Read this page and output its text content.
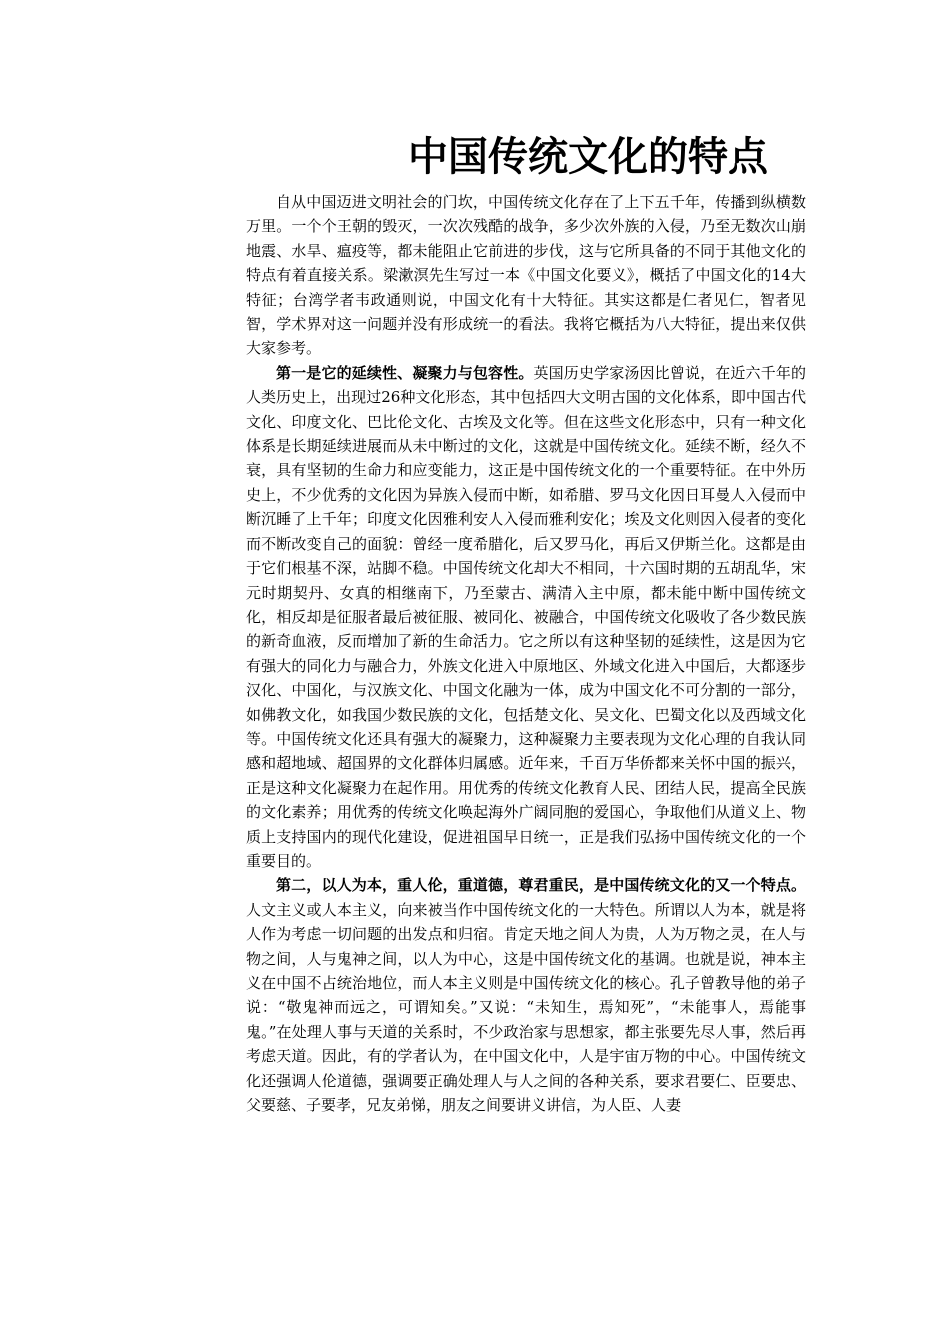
中国传统文化的特点

自从中国迈进文明社会的门坎，中国传统文化存在了上下五千年，传播到纵横数万里。一个个王朝的毁灭，一次次残酷的战争，多少次外族的入侵，乃至无数次山崩地震、水旱、瘟疫等，都未能阻止它前进的步伐，这与它所具备的不同于其他文化的特点有着直接关系。梁漱溟先生写过一本《中国文化要义》，概括了中国文化的14大特征；台湾学者韦政通则说，中国文化有十大特征。其实这都是仁者见仁，智者见智，学术界对这一问题并没有形成统一的看法。我将它概括为八大特征，提出来仅供大家参考。

第一是它的延续性、凝聚力与包容性。英国历史学家汤因比曾说，在近六千年的人类历史上，出现过26种文化形态，其中包括四大文明古国的文化体系，即中国古代文化、印度文化、巴比伦文化、古埃及文化等。但在这些文化形态中，只有一种文化体系是长期延续进展而从未中断过的文化，这就是中国传统文化。延续不断，经久不衰，具有坚韧的生命力和应变能力，这正是中国传统文化的一个重要特征。在中外历史上，不少优秀的文化因为异族入侵而中断，如希腊、罗马文化因日耳曼人入侵而中断沉睡了上千年；印度文化因雅利安人入侵而雅利安化；埃及文化则因入侵者的变化而不断改变自己的面貌：曾经一度希腊化，后又罗马化，再后又伊斯兰化。这都是由于它们根基不深，站脚不稳。中国传统文化却大不相同，十六国时期的五胡乱华，宋元时期契丹、女真的相继南下，乃至蒙古、满清入主中原，都未能中断中国传统文化，相反却是征服者最后被征服、被同化、被融合，中国传统文化吸收了各少数民族的新奇血液，反而增加了新的生命活力。它之所以有这种坚韧的延续性，这是因为它有强大的同化力与融合力，外族文化进入中原地区、外域文化进入中国后，大都逐步汉化、中国化，与汉族文化、中国文化融为一体，成为中国文化不可分割的一部分，如佛教文化，如我国少数民族的文化，包括楚文化、吴文化、巴蜀文化以及西域文化等。中国传统文化还具有强大的凝聚力，这种凝聚力主要表现为文化心理的自我认同感和超地域、超国界的文化群体归属感。近年来，千百万华侨都来关怀中国的振兴，正是这种文化凝聚力在起作用。用优秀的传统文化教育人民、团结人民，提高全民族的文化素养；用优秀的传统文化唤起海外广阔同胞的爱国心，争取他们从道义上、物质上支持国内的现代化建设，促进祖国早日统一，正是我们弘扬中国传统文化的一个重要目的。

第二，以人为本，重人伦，重道德，尊君重民，是中国传统文化的又一个特点。人文主义或人本主义，向来被当作中国传统文化的一大特色。所谓以人为本，就是将人作为考虑一切问题的出发点和归宿。肯定天地之间人为贵，人为万物之灵，在人与物之间，人与鬼神之间，以人为中心，这是中国传统文化的基调。也就是说，神本主义在中国不占统治地位，而人本主义则是中国传统文化的核心。孔子曾教导他的弟子说：“敬鬼神而远之，可谓知矣。”又说：“未知生，焉知死”，“未能事人，焉能事鬼。”在处理人事与天道的关系时，不少政治家与思想家，都主张要先尽人事，然后再考虑天道。因此，有的学者认为，在中国文化中，人是宇宙万物的中心。中国传统文化还强调人伦道德，强调要正确处理人与人之间的各种关系，要求君要仁、臣要忠、父要慈、子要孝，兄友弟悌，朋友之间要讲义讲信，为人臣、人妻
